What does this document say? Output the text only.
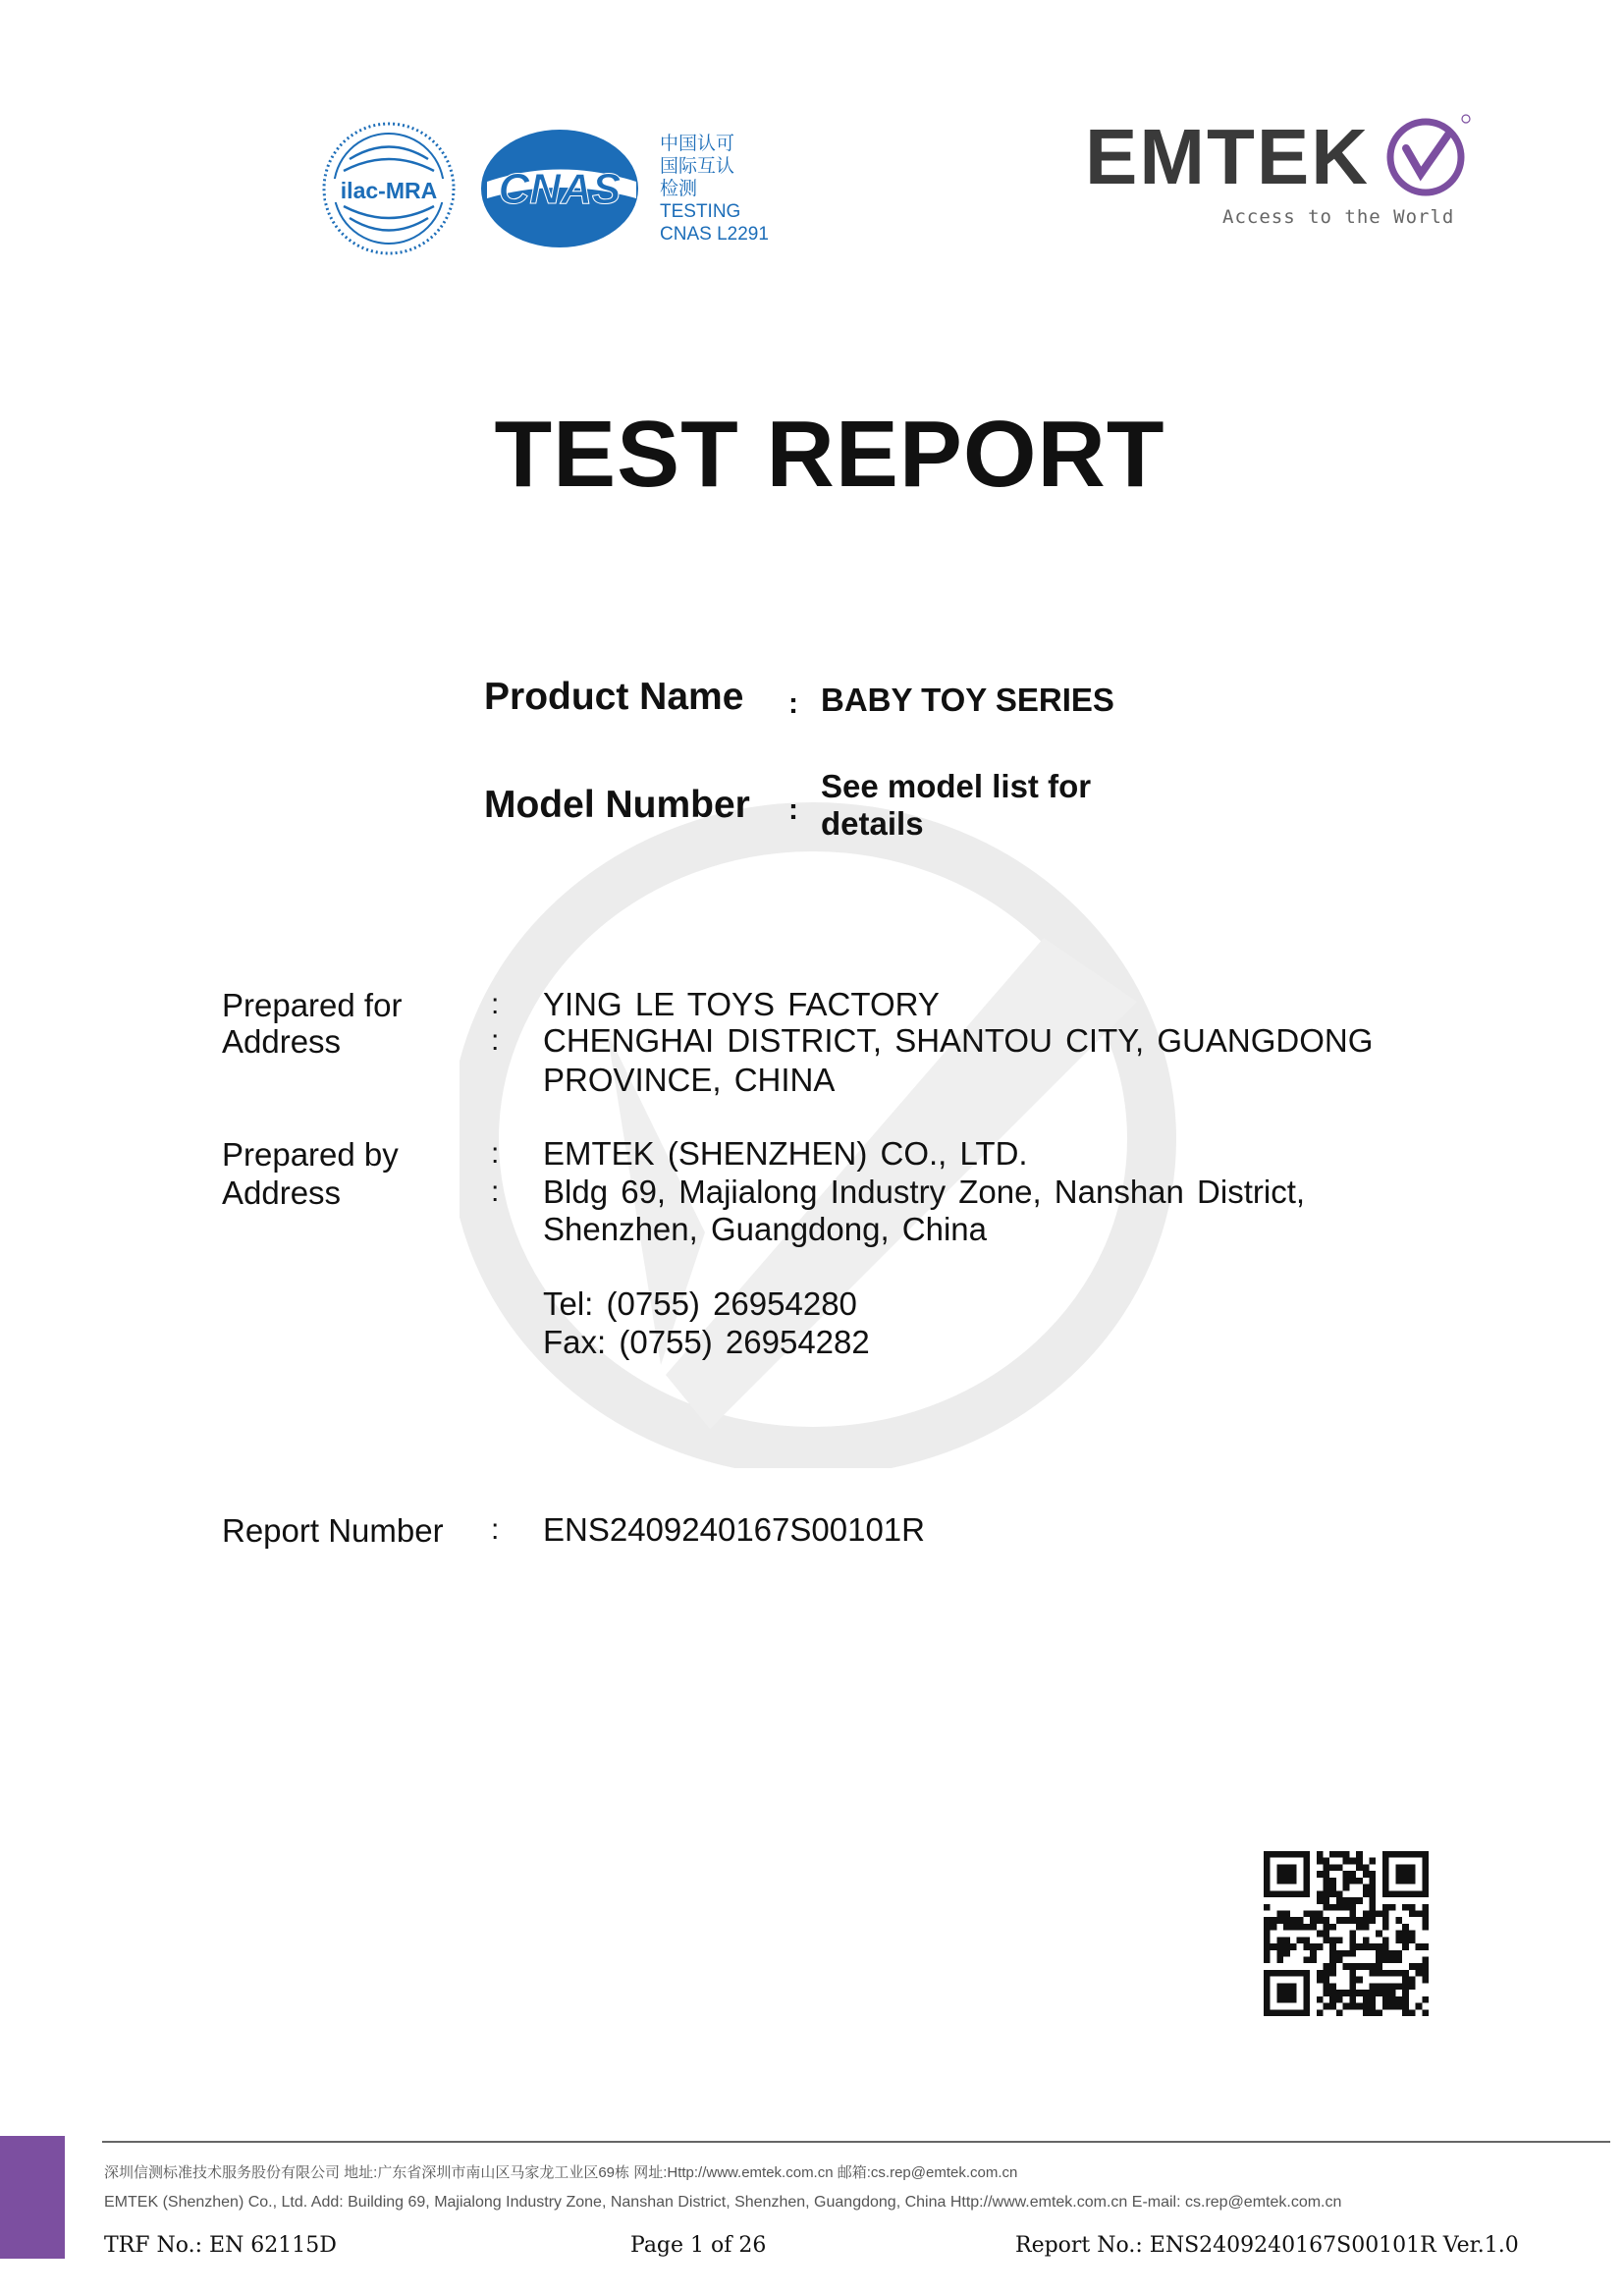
ilac-MRA CNAS
中国认可
国际互认
检测
TESTING
CNAS L2291
EMTEK
Access to the World
TEST REPORT
Product Name : BABY TOY SERIES
Model Number :
See model list for
details
Prepared for	: YING LE TOYS FACTORY
Address	: CHENGHAI DISTRICT, SHANTOU CITY, GUANGDONG
PROVINCE, CHINA
Prepared by	: EMTEK (SHENZHEN) CO., LTD.
Address	: Bldg 69, Majialong Industry Zone, Nanshan District,
Shenzhen, Guangdong, China
Tel: (0755) 26954280
Fax: (0755) 26954282
Report Number : ENS2409240167S00101R
深圳信测标准技术服务股份有限公司 地址:广东省深圳市南山区马家龙工业区69栋 网址:Http://www.emtek.com.cn 邮箱:cs.rep@emtek.com.cn
EMTEK (Shenzhen) Co., Ltd. Add: Building 69, Majialong Industry Zone, Nanshan District, Shenzhen, Guangdong, China Http://www.emtek.com.cn E-mail: cs.rep@emtek.com.cn
TRF No.: EN 62115D	Page 1 of 26	Report No.: ENS2409240167S00101R Ver.1.0
